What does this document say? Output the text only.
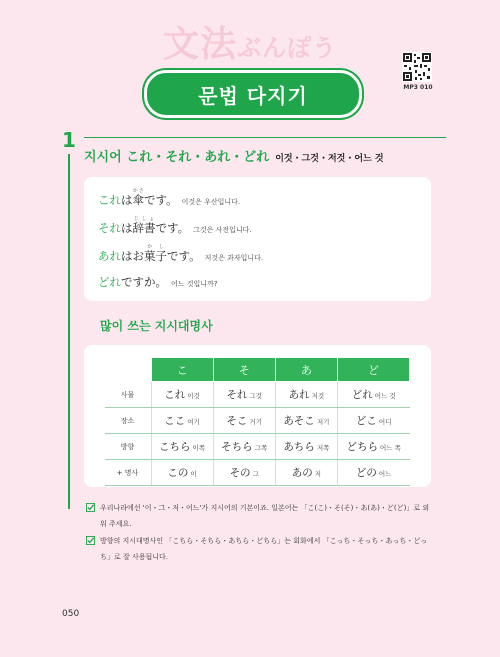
文法ぶんぽう
문법 다지기	MP3 010
1
지시어 これ・それ・あれ・どれ 이것・그것・저것・어느 것
これは傘かさです。 이것은 우산입니다.
それは辞書じしょです。 그것은 사전입니다.
あれはお菓子かしです。 저것은 과자입니다.
どれですか。 어느 것입니까?
많이 쓰는 지시대명사
	こ	そ	あ	ど
사물	これ 이것	それ 그것	あれ 저것	どれ 어느 것
장소	ここ 여기	そこ 거기	あそこ 저기	どこ 어디
방향	こちら 이쪽	そちら 그쪽	あちら 저쪽	どちら 어느 쪽
+ 명사	この 이	その 그	あの 저	どの 어느
우리나라에선 '이・그・저・어느'가 지시어의 기본이죠. 일본어는 「こ(こ)・そ(そ)・あ(あ)・ど(ど)」로 외워 주세요.
방향의 지시대명사인 「こちら・そちら・あちら・どちら」는 회화에서 「こっち・そっち・あっち・どっち」로 잘 사용됩니다.
050
